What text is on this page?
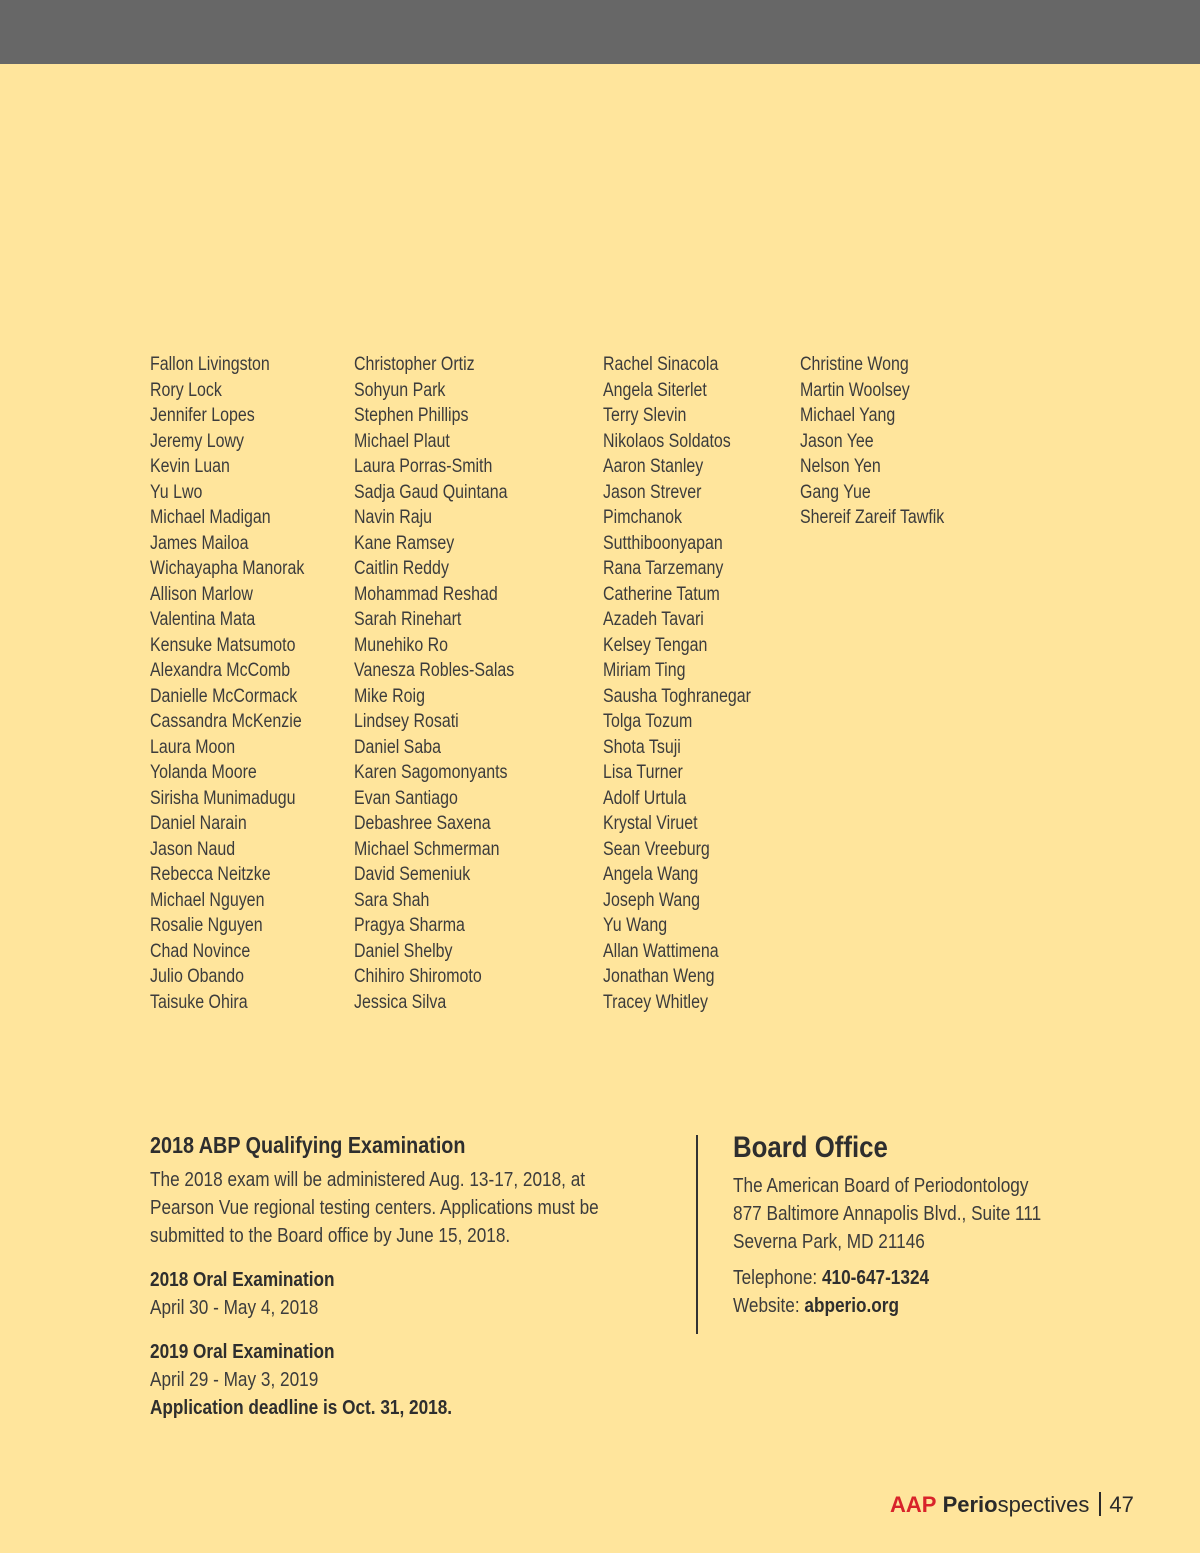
Fallon Livingston
Rory Lock
Jennifer Lopes
Jeremy Lowy
Kevin Luan
Yu Lwo
Michael Madigan
James Mailoa
Wichayapha Manorak
Allison Marlow
Valentina Mata
Kensuke Matsumoto
Alexandra McComb
Danielle McCormack
Cassandra McKenzie
Laura Moon
Yolanda Moore
Sirisha Munimadugu
Daniel Narain
Jason Naud
Rebecca Neitzke
Michael Nguyen
Rosalie Nguyen
Chad Novince
Julio Obando
Taisuke Ohira
Christopher Ortiz
Sohyun Park
Stephen Phillips
Michael Plaut
Laura Porras-Smith
Sadja Gaud Quintana
Navin Raju
Kane Ramsey
Caitlin Reddy
Mohammad Reshad
Sarah Rinehart
Munehiko Ro
Vanesza Robles-Salas
Mike Roig
Lindsey Rosati
Daniel Saba
Karen Sagomonyants
Evan Santiago
Debashree Saxena
Michael Schmerman
David Semeniuk
Sara Shah
Pragya Sharma
Daniel Shelby
Chihiro Shiromoto
Jessica Silva
Rachel Sinacola
Angela Siterlet
Terry Slevin
Nikolaos Soldatos
Aaron Stanley
Jason Strever
Pimchanok
Sutthiboonyapan
Rana Tarzemany
Catherine Tatum
Azadeh Tavari
Kelsey Tengan
Miriam Ting
Sausha Toghranegar
Tolga Tozum
Shota Tsuji
Lisa Turner
Adolf Urtula
Krystal Viruet
Sean Vreeburg
Angela Wang
Joseph Wang
Yu Wang
Allan Wattimena
Jonathan Weng
Tracey Whitley
Christine Wong
Martin Woolsey
Michael Yang
Jason Yee
Nelson Yen
Gang Yue
Shereif Zareif Tawfik
2018 ABP Qualifying Examination

The 2018 exam will be administered Aug. 13-17, 2018, at

Pearson Vue regional testing centers. Applications must be

submitted to the Board office by June 15, 2018.

2018 Oral Examination

April 30 - May 4, 2018

2019 Oral Examination

April 29 - May 3, 2019

Application deadline is Oct. 31, 2018.

Board Office

The American Board of Periodontology

877 Baltimore Annapolis Blvd., Suite 111

Severna Park, MD 21146

Telephone: 410-647-1324

Website: abperio.org

AAP Periospectives 47
